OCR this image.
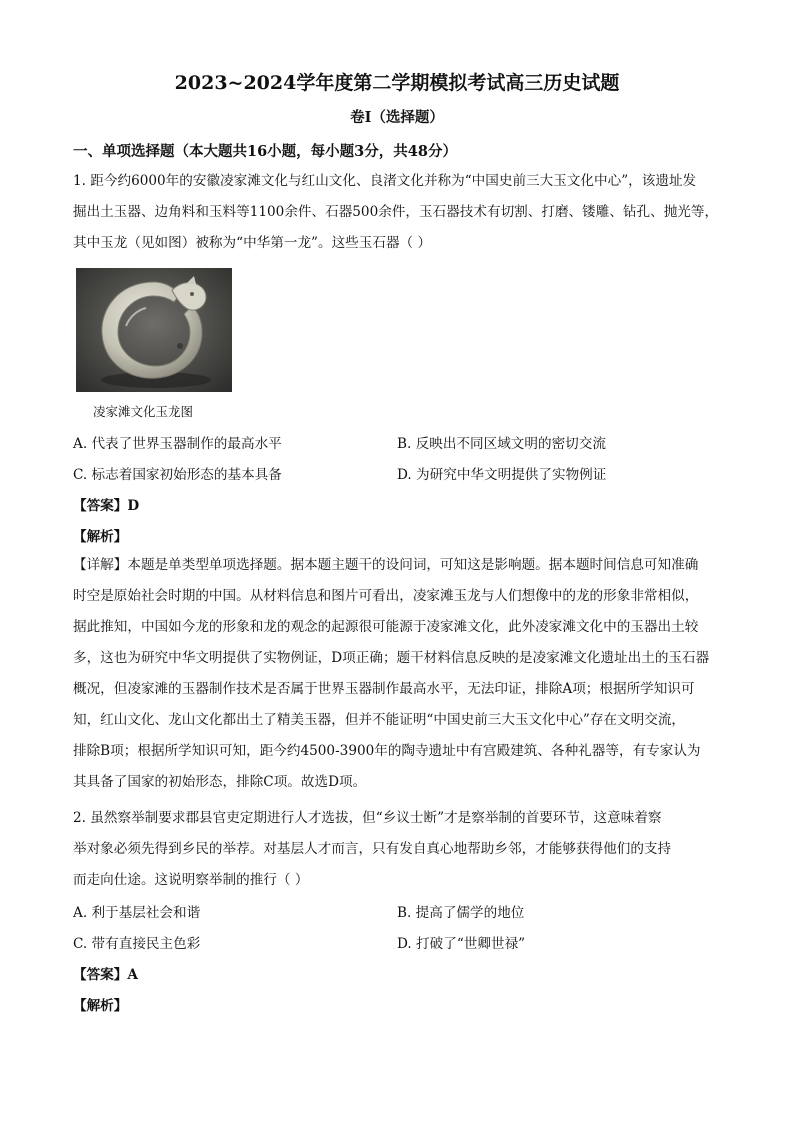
2023~2024学年度第二学期模拟考试高三历史试题
卷I（选择题）
一、单项选择题（本大题共16小题，每小题3分，共48分）
1. 距今约6000年的安徽凌家滩文化与红山文化、良渚文化并称为“中国史前三大玉文化中心”，该遗址发
掘出土玉器、边角料和玉料等1100余件、石器500余件，玉石器技术有切割、打磨、镂雕、钻孔、抛光等，
其中玉龙（见如图）被称为“中华第一龙”。这些玉石器（ ）
凌家滩文化玉龙图
A. 代表了世界玉器制作的最高水平	B. 反映出不同区域文明的密切交流
C. 标志着国家初始形态的基本具备	D. 为研究中华文明提供了实物例证
【答案】D
【解析】
【详解】本题是单类型单项选择题。据本题主题干的设问词，可知这是影响题。据本题时间信息可知准确
时空是原始社会时期的中国。从材料信息和图片可看出，凌家滩玉龙与人们想像中的龙的形象非常相似，
据此推知，中国如今龙的形象和龙的观念的起源很可能源于凌家滩文化，此外凌家滩文化中的玉器出土较
多，这也为研究中华文明提供了实物例证，D项正确；题干材料信息反映的是凌家滩文化遗址出土的玉石器
概况，但凌家滩的玉器制作技术是否属于世界玉器制作最高水平，无法印证，排除A项；根据所学知识可
知，红山文化、龙山文化都出土了精美玉器，但并不能证明“中国史前三大玉文化中心”存在文明交流，
排除B项；根据所学知识可知，距今约4500-3900年的陶寺遗址中有宫殿建筑、各种礼器等，有专家认为
其具备了国家的初始形态，排除C项。故选D项。
2. 虽然察举制要求郡县官吏定期进行人才选拔，但“乡议士断”才是察举制的首要环节，这意味着察
举对象必须先得到乡民的举荐。对基层人才而言，只有发自真心地帮助乡邻，才能够获得他们的支持
而走向仕途。这说明察举制的推行（ ）
A. 利于基层社会和谐	B. 提高了儒学的地位
C. 带有直接民主色彩	D. 打破了“世卿世禄”
【答案】A
【解析】
